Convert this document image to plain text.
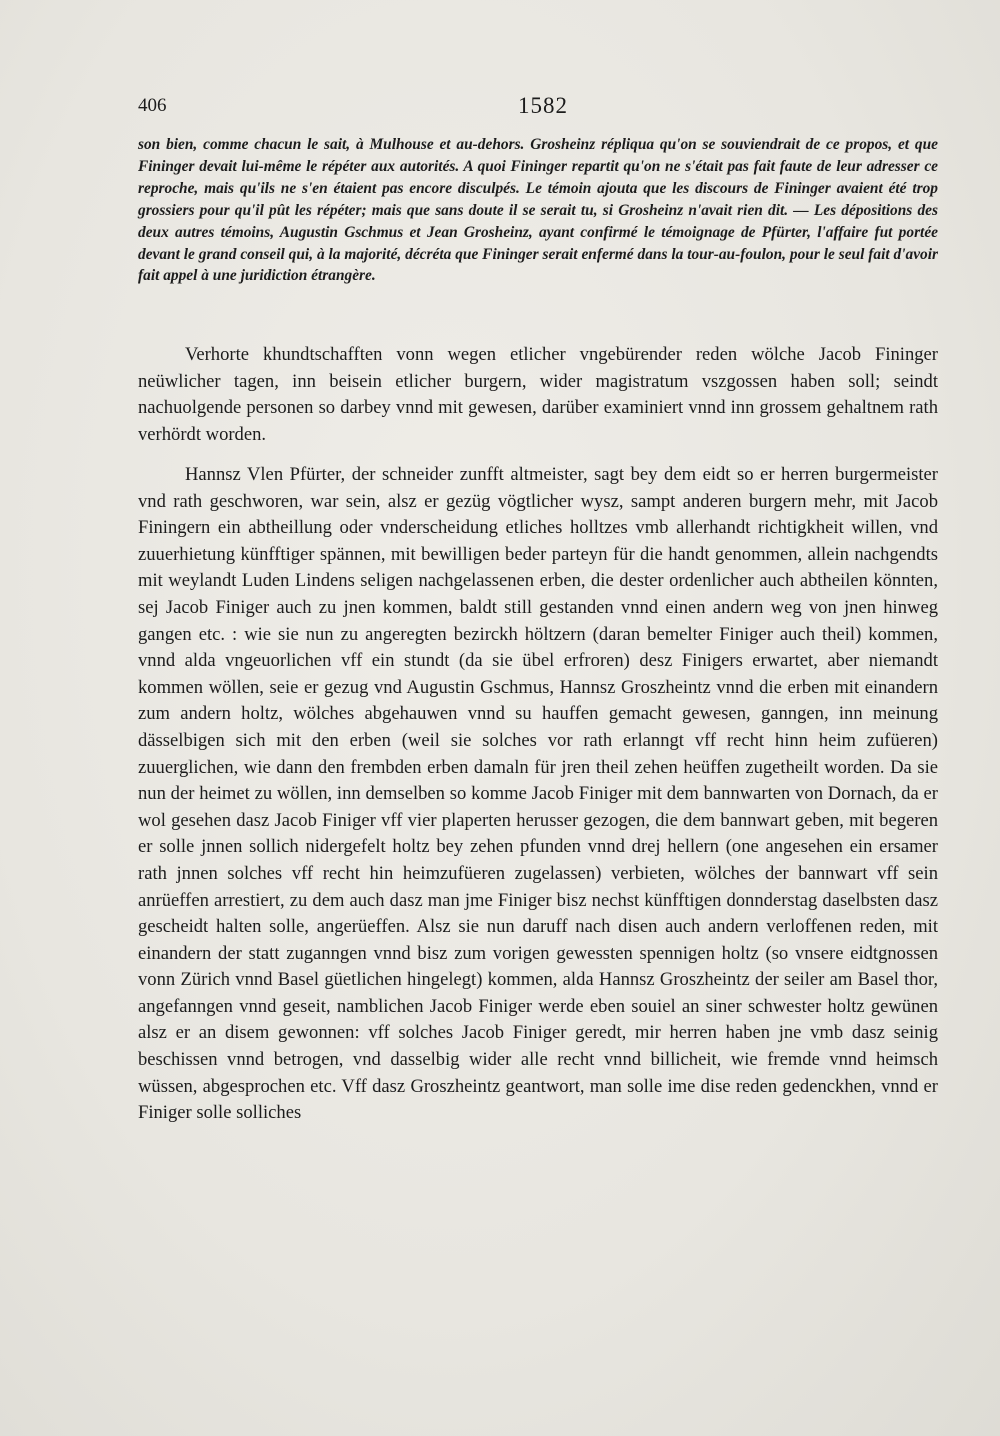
406	1582

son bien, comme chacun le sait, à Mulhouse et au-dehors. Grosheinz répliqua qu'on se souviendrait de ce propos, et que Fininger devait lui-même le répéter aux autorités. A quoi Fininger repartit qu'on ne s'était pas fait faute de leur adresser ce reproche, mais qu'ils ne s'en étaient pas encore disculpés. Le témoin ajouta que les discours de Fininger avaient été trop grossiers pour qu'il pût les répéter; mais que sans doute il se serait tu, si Grosheinz n'avait rien dit. — Les dépositions des deux autres témoins, Augustin Gschmus et Jean Grosheinz, ayant confirmé le témoignage de Pfürter, l'affaire fut portée devant le grand conseil qui, à la majorité, décréta que Fininger serait enfermé dans la tour-au-foulon, pour le seul fait d'avoir fait appel à une juridiction étrangère.

Verhorte khundtschafften vonn wegen etlicher vngebürender reden wölche Jacob Fininger neüwlicher tagen, inn beisein etlicher burgern, wider magistratum vszgossen haben soll; seindt nachuolgende personen so darbey vnnd mit gewesen, darüber examiniert vnnd inn grossem gehaltnem rath verhördt worden.

Hannsz Vlen Pfürter, der schneider zunfft altmeister, sagt bey dem eidt so er herren burgermeister vnd rath geschworen, war sein, alsz er gezüg vögtlicher wysz, sampt anderen burgern mehr, mit Jacob Finingern ein abtheillung oder vnderscheidung etliches holltzes vmb allerhandt richtigkheit willen, vnd zuuerhietung künfftiger spännen, mit bewilligen beder parteyn für die handt genommen, allein nachgendts mit weylandt Luden Lindens seligen nachgelassenen erben, die dester ordenlicher auch abtheilen könnten, sej Jacob Finiger auch zu jnen kommen, baldt still gestanden vnnd einen andern weg von jnen hinweg gangen etc. : wie sie nun zu angeregten bezirckh höltzern (daran bemelter Finiger auch theil) kommen, vnnd alda vngeuorlichen vff ein stundt (da sie übel erfroren) desz Finigers erwartet, aber niemandt kommen wöllen, seie er gezug vnd Augustin Gschmus, Hannsz Groszheintz vnnd die erben mit einandern zum andern holtz, wölches abgehauwen vnnd su hauffen gemacht gewesen, ganngen, inn meinung dässelbigen sich mit den erben (weil sie solches vor rath erlanngt vff recht hinn heim zufüeren) zuuerglichen, wie dann den frembden erben damaln für jren theil zehen heüffen zugetheilt worden. Da sie nun der heimet zu wöllen, inn demselben so komme Jacob Finiger mit dem bannwarten von Dornach, da er wol gesehen dasz Jacob Finiger vff vier plaperten herusser gezogen, die dem bannwart geben, mit begeren er solle jnnen sollich nidergefelt holtz bey zehen pfunden vnnd drej hellern (one angesehen ein ersamer rath jnnen solches vff recht hin heimzufüeren zugelassen) verbieten, wölches der bannwart vff sein anrüeffen arrestiert, zu dem auch dasz man jme Finiger bisz nechst künfftigen donnderstag daselbsten dasz gescheidt halten solle, angerüeffen. Alsz sie nun daruff nach disen auch andern verloffenen reden, mit einandern der statt zuganngen vnnd bisz zum vorigen gewessten spennigen holtz (so vnsere eidtgnossen vonn Zürich vnnd Basel güetlichen hingelegt) kommen, alda Hannsz Groszheintz der seiler am Basel thor, angefanngen vnnd geseit, namblichen Jacob Finiger werde eben souiel an siner schwester holtz gewünen alsz er an disem gewonnen: vff solches Jacob Finiger geredt, mir herren haben jne vmb dasz seinig beschissen vnnd betrogen, vnd dasselbig wider alle recht vnnd billicheit, wie fremde vnnd heimsch wüssen, abgesprochen etc. Vff dasz Groszheintz geantwort, man solle ime dise reden gedenckhen, vnnd er Finiger solle solliches
